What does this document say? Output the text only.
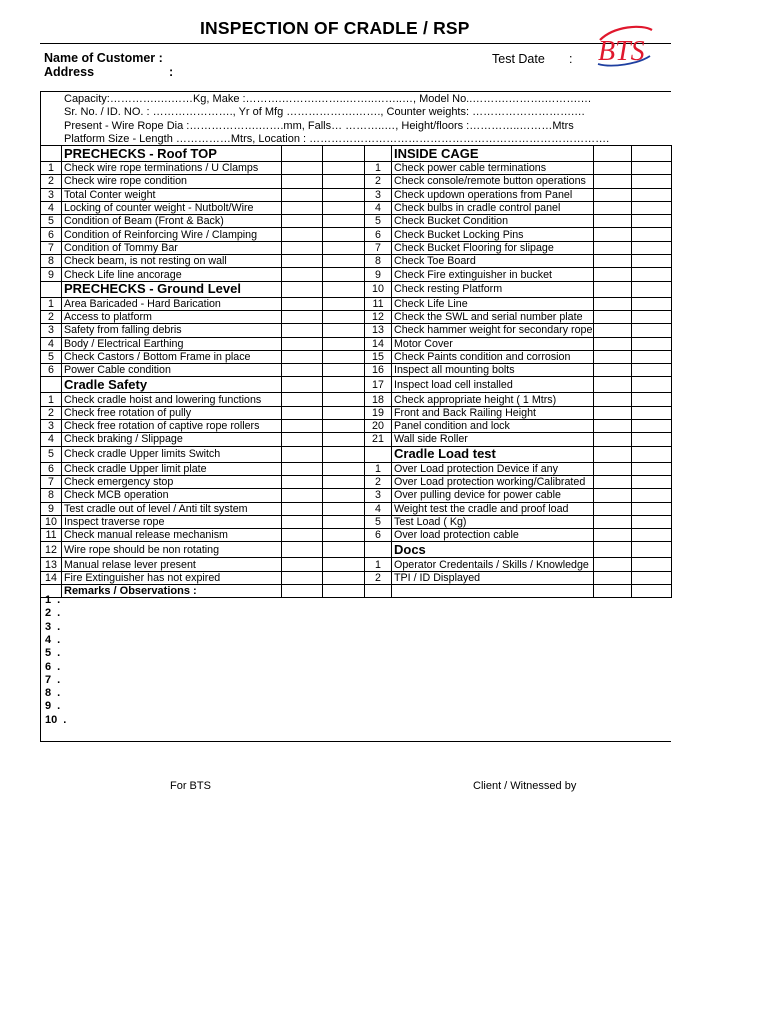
INSPECTION OF CRADLE / RSP
Name of Customer :
Address	:
Test Date : BTS
Capacity:………….….……Kg, Make :……….……….……..……..……..…, Model No..……….……….……….…
Sr. No. / ID. NO. : …………………., Yr of Mfg ……………….……., Counter weights: ……………………….…
Present - Wire Rope Dia :……………….…….mm, Falls… ………..…, Height/floors :…………..………Mtrs
Platform Size - Length ……………Mtrs, Location : ……………………………………………………………………….
	PRECHECKS - Roof TOP				INSIDE CAGE		
1	Check wire rope terminations / U Clamps			1	Check power cable terminations		
2	Check wire rope condition			2	Check console/remote button operations		
3	Total Conter weight			3	Check updown operations from Panel		
4	Locking of counter weight - Nutbolt/Wire			4	Check bulbs in cradle control panel		
5	Condition of Beam (Front & Back)			5	Check Bucket Condition		
6	Condition of Reinforcing Wire / Clamping			6	Check Bucket Locking Pins		
7	Condition of Tommy Bar			7	Check Bucket Flooring for slipage		
8	Check beam, is not resting on wall			8	Check Toe Board		
9	Check Life line ancorage			9	Check Fire extinguisher in bucket		
	PRECHECKS - Ground Level			10	Check resting Platform		
1	Area Baricaded - Hard Barication			11	Check Life Line		
2	Access to platform			12	Check the SWL and serial number plate		
3	Safety from falling debris			13	Check hammer weight for secondary rope		
4	Body / Electrical Earthing			14	Motor Cover		
5	Check Castors / Bottom Frame in place			15	Check Paints condition and corrosion		
6	Power Cable condition			16	Inspect all mounting bolts		
	Cradle Safety			17	Inspect load cell installed		
1	Check cradle hoist and lowering functions			18	Check appropriate height ( 1 Mtrs)		
2	Check free rotation of pully			19	Front and Back Railing Height		
3	Check free rotation of captive rope rollers			20	Panel condition and lock		
4	Check braking / Slippage			21	Wall side Roller		
5	Check cradle Upper limits Switch				Cradle Load test		
6	Check cradle Upper limit plate			1	Over Load protection Device if any		
7	Check emergency stop			2	Over Load protection working/Calibrated		
8	Check MCB operation			3	Over pulling device for power cable		
9	Test cradle out of level / Anti tilt system			4	Weight test the cradle and proof load		
10	Inspect traverse rope			5	Test Load ( Kg)		
11	Check manual release mechanism			6	Over load protection cable		
12	Wire rope should be non rotating				Docs		
13	Manual relase lever present			1	Operator Credentails / Skills / Knowledge		
14	Fire Extinguisher has not expired			2	TPI / ID Displayed		
	Remarks / Observations :						
1 .
2 .
3 .
4 .
5 .
6 .
7 .
8 .
9 .
10 .
For BTS	Client / Witnessed by
